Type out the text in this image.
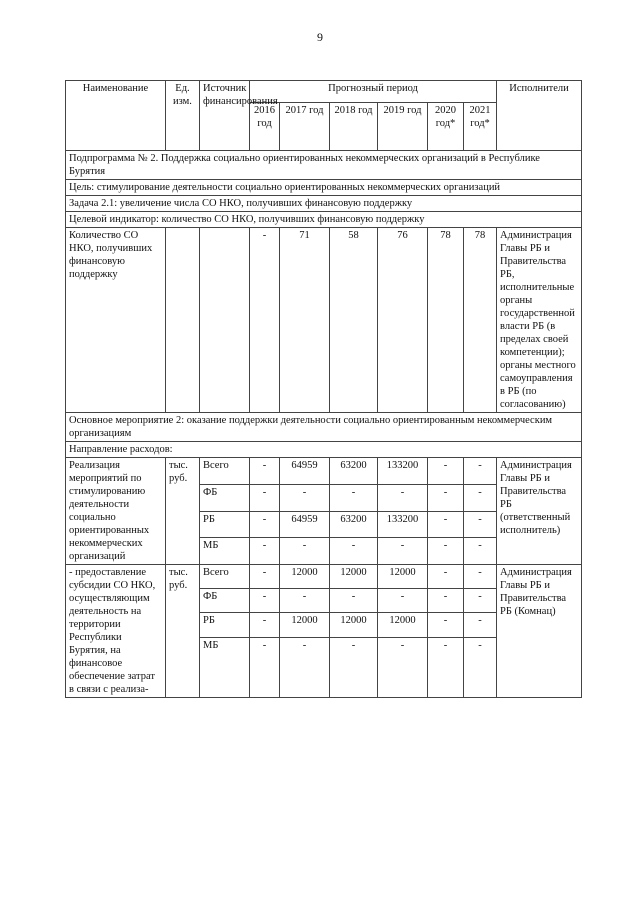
9
Наименование	Ед. изм.	Источник финансирования	Прогнозный период						Исполнители
			2016 год	2017 год	2018 год	2019 год	2020 год*	2021 год*	
Подпрограмма № 2. Поддержка социально ориентированных некоммерческих организаций в Республике Бурятия									
Цель: стимулирование деятельности социально ориентированных некоммерческих организаций									
Задача 2.1: увеличение числа СО НКО, получивших финансовую поддержку									
Целевой индикатор: количество СО НКО, получивших финансовую поддержку									
Количество СО НКО, получивших финансовую поддержку			-	71	58	76	78	78	Администрация Главы РБ и Правительства РБ, исполнительные органы государственной власти РБ (в пределах своей компетенции); органы местного самоуправления в РБ (по согласованию)
Основное мероприятие 2: оказание поддержки деятельности социально ориентированным некоммерческим организациям									
Направление расходов:									
Реализация мероприятий по стимулированию деятельности социально ориентированных некоммерческих организаций	тыс. руб.	Всего	-	64959	63200	133200	-	-	Администрация Главы РБ и Правительства РБ (ответственный исполнитель)
		ФБ	-	-	-	-	-	-	
		РБ	-	64959	63200	133200	-	-	
		МБ	-	-	-	-	-	-	
- предоставление субсидии СО НКО, осуществляющим деятельность на территории Республики Бурятия, на финансовое обеспечение затрат в связи с реализа-	тыс. руб.	Всего	-	12000	12000	12000	-	-	Администрация Главы РБ и Правительства РБ (Комнац)
		ФБ	-	-	-	-	-	-	
		РБ	-	12000	12000	12000	-	-	
		МБ	-	-	-	-	-	-	
